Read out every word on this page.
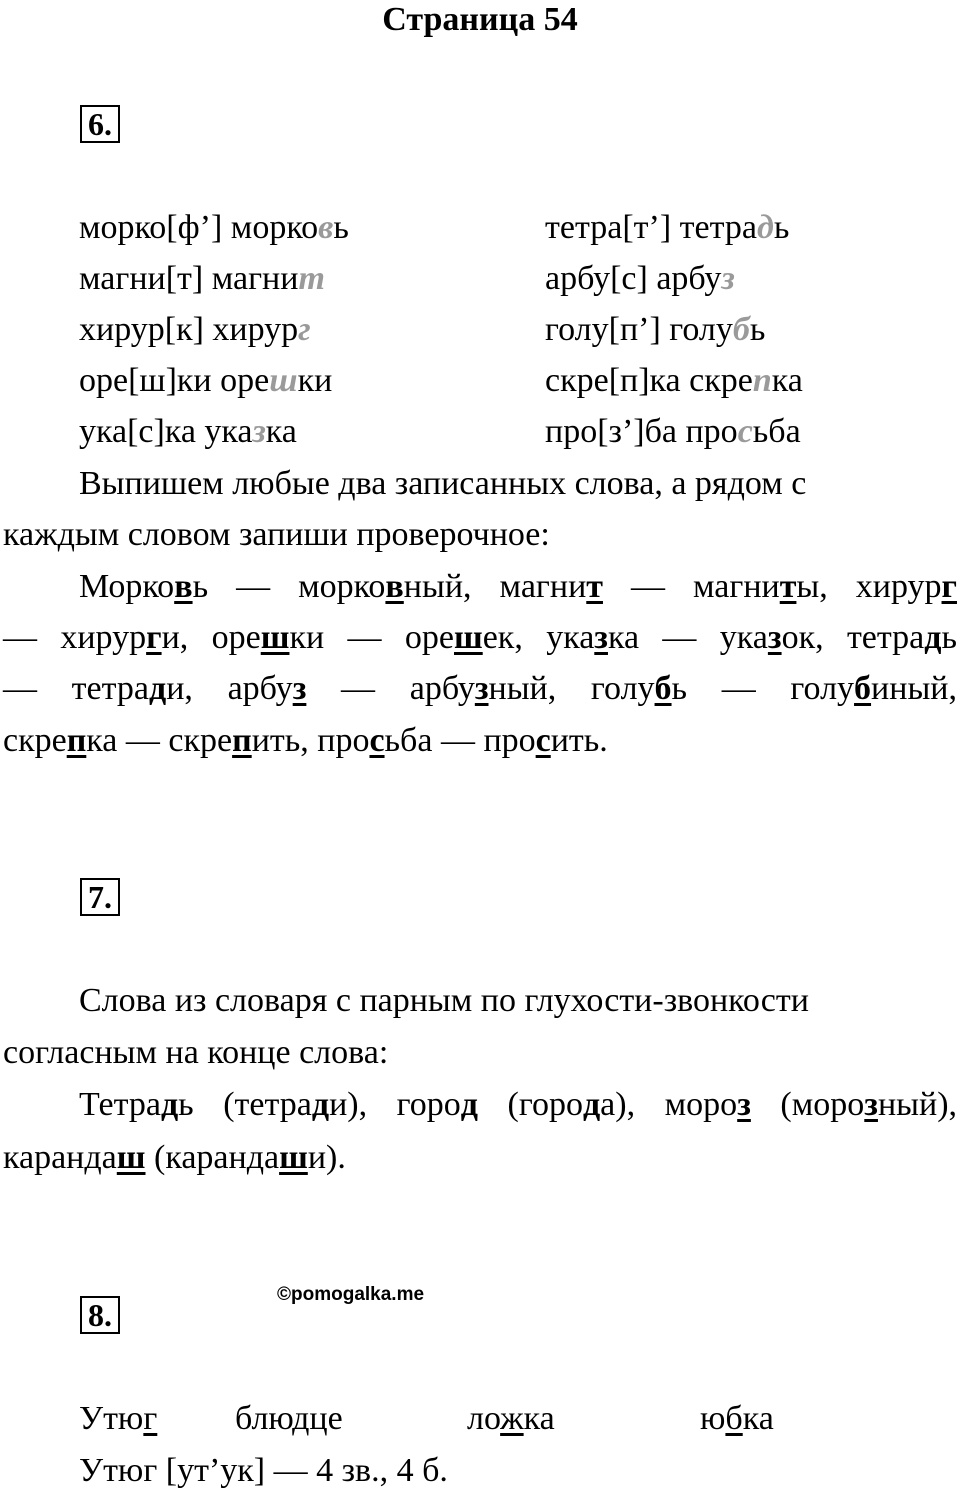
Страница 54
6.
морко[ф’] морковь
магни[т] магнит
хирур[к] хирург
оре[ш]ки орешки
ука[с]ка указка
тетра[т’] тетрадь
арбу[с] арбуз
голу[п’] голубь
скре[п]ка скрепка
про[з’]ба просьба
Выпишем любые два записанных слова, а рядом с
каждым словом запиши проверочное:
Морковь — морковный, магнит — магниты, хирург
— хирурги, орешки — орешек, указка — указок, тетрадь
— тетради, арбуз — арбузный, голубь — голубиный,
скрепка — скрепить, просьба — просить.
7.
Слова из словаря с парным по глухости-звонкости
согласным на конце слова:
Тетрадь (тетради), город (города), мороз (морозный),
карандаш (карандаши).
©pomogalka.me
8.
Утюг блюдце	ложка	юбка
Утюг [ут’ук] — 4 зв., 4 б.
